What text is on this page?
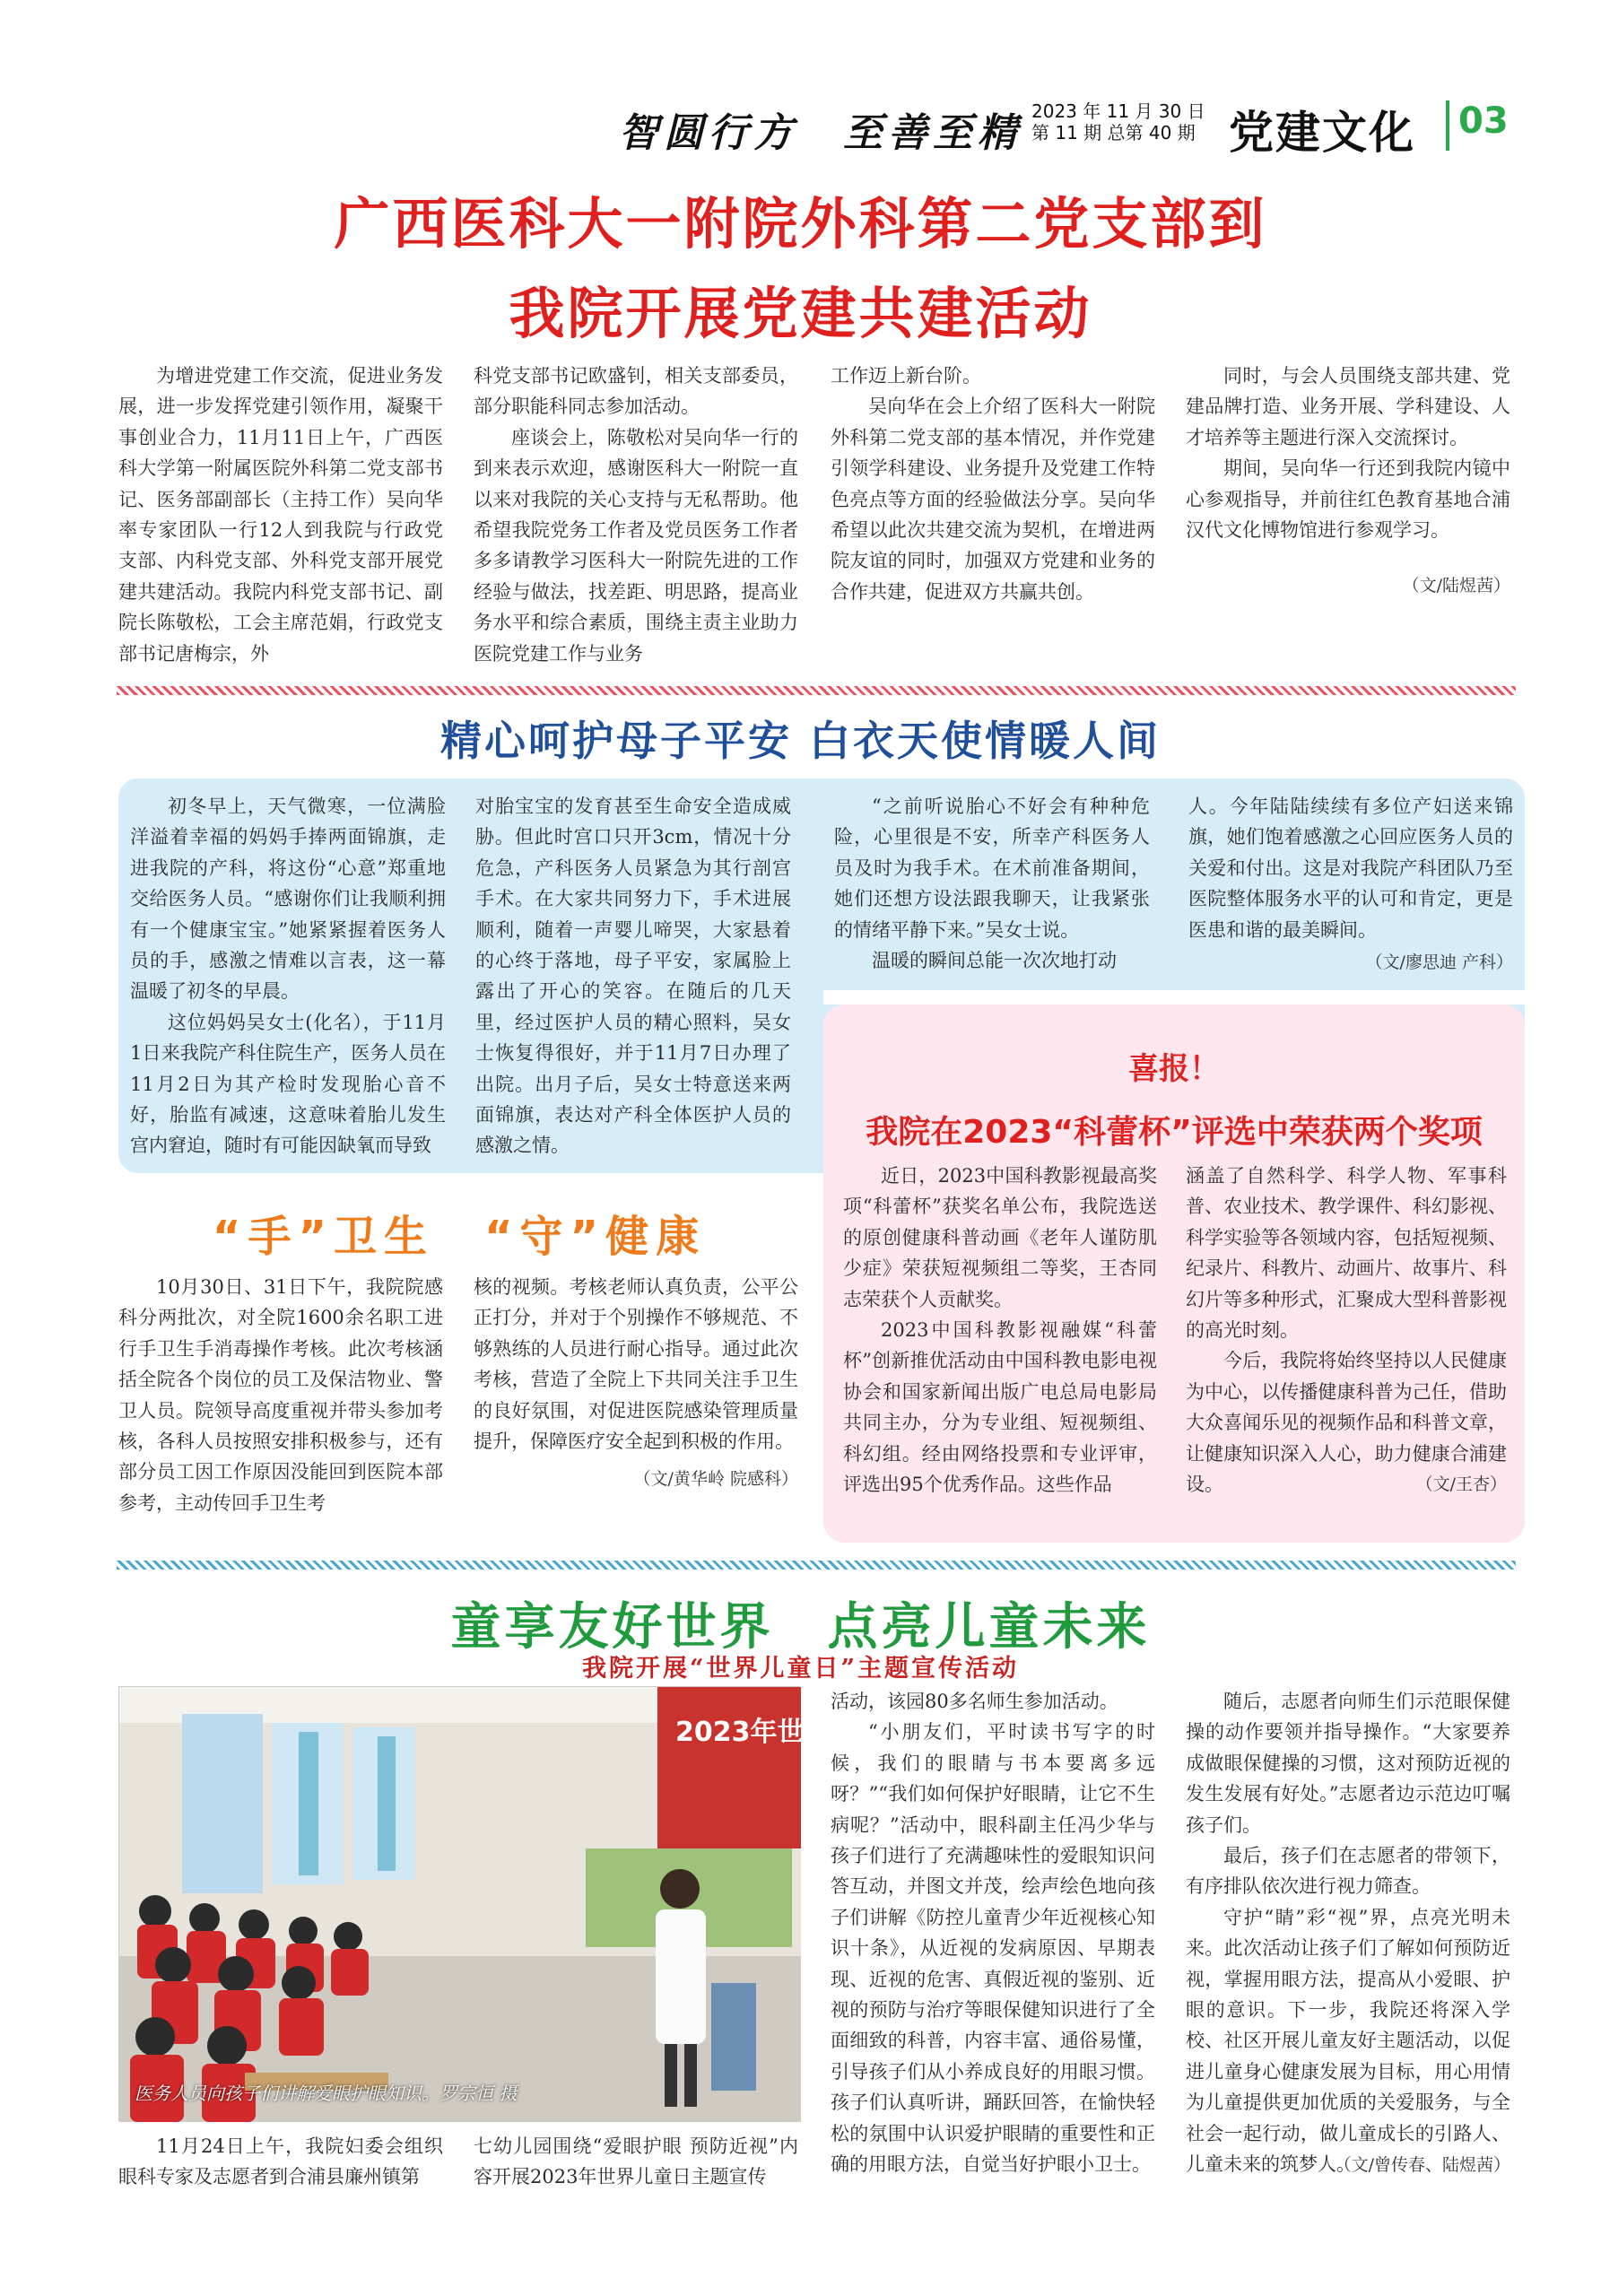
智圆行方　至善至精 2023 年 11 月 30 日
第 11 期 总第 40 期 党建文化 03
广西医科大一附院外科第二党支部到
我院开展党建共建活动

为增进党建工作交流，促进业务发展，进一步发挥党建引领作用，凝聚干事创业合力，11月11日上午，广西医科大学第一附属医院外科第二党支部书记、医务部副部长（主持工作）吴向华率专家团队一行12人到我院与行政党支部、内科党支部、外科党支部开展党建共建活动。我院内科党支部书记、副院长陈敬松，工会主席范娟，行政党支部书记唐梅宗，外

科党支部书记欧盛钊，相关支部委员，部分职能科同志参加活动。

座谈会上，陈敬松对吴向华一行的到来表示欢迎，感谢医科大一附院一直以来对我院的关心支持与无私帮助。他希望我院党务工作者及党员医务工作者多多请教学习医科大一附院先进的工作经验与做法，找差距、明思路，提高业务水平和综合素质，围绕主责主业助力医院党建工作与业务

工作迈上新台阶。

吴向华在会上介绍了医科大一附院外科第二党支部的基本情况，并作党建引领学科建设、业务提升及党建工作特色亮点等方面的经验做法分享。吴向华希望以此次共建交流为契机，在增进两院友谊的同时，加强双方党建和业务的合作共建，促进双方共赢共创。

同时，与会人员围绕支部共建、党建品牌打造、业务开展、学科建设、人才培养等主题进行深入交流探讨。

期间，吴向华一行还到我院内镜中心参观指导，并前往红色教育基地合浦汉代文化博物馆进行参观学习。

（文/陆煜茜）

精心呵护母子平安 白衣天使情暖人间

初冬早上，天气微寒，一位满脸洋溢着幸福的妈妈手捧两面锦旗，走进我院的产科，将这份“心意”郑重地交给医务人员。“感谢你们让我顺利拥有一个健康宝宝。”她紧紧握着医务人员的手，感激之情难以言表，这一幕温暖了初冬的早晨。

这位妈妈吴女士(化名），于11月1日来我院产科住院生产，医务人员在11月2日为其产检时发现胎心音不好，胎监有减速，这意味着胎儿发生宫内窘迫，随时有可能因缺氧而导致

对胎宝宝的发育甚至生命安全造成威胁。但此时宫口只开3cm，情况十分危急，产科医务人员紧急为其行剖宫手术。在大家共同努力下，手术进展顺利，随着一声婴儿啼哭，大家悬着的心终于落地，母子平安，家属脸上露出了开心的笑容。在随后的几天里，经过医护人员的精心照料，吴女士恢复得很好，并于11月7日办理了出院。出月子后，吴女士特意送来两面锦旗，表达对产科全体医护人员的感激之情。

“之前听说胎心不好会有种种危险，心里很是不安，所幸产科医务人员及时为我手术。在术前准备期间，她们还想方设法跟我聊天，让我紧张的情绪平静下来。”吴女士说。

温暖的瞬间总能一次次地打动

人。今年陆陆续续有多位产妇送来锦旗，她们饱着感激之心回应医务人员的关爱和付出。这是对我院产科团队乃至医院整体服务水平的认可和肯定，更是医患和谐的最美瞬间。

（文/廖思迪 产科）

喜报！
我院在2023“科蕾杯”评选中荣获两个奖项

近日，2023中国科教影视最高奖项“科蕾杯”获奖名单公布，我院选送的原创健康科普动画《老年人谨防肌少症》荣获短视频组二等奖，王杏同志荣获个人贡献奖。

2023中国科教影视融媒“科蕾杯”创新推优活动由中国科教电影电视协会和国家新闻出版广电总局电影局共同主办，分为专业组、短视频组、科幻组。经由网络投票和专业评审，评选出95个优秀作品。这些作品

涵盖了自然科学、科学人物、军事科普、农业技术、教学课件、科幻影视、科学实验等各领域内容，包括短视频、纪录片、科教片、动画片、故事片、科幻片等多种形式，汇聚成大型科普影视的高光时刻。

今后，我院将始终坚持以人民健康为中心，以传播健康科普为己任，借助大众喜闻乐见的视频作品和科普文章，让健康知识深入人心，助力健康合浦建设。	（文/王杏）

“手”卫生　“守”健康

10月30日、31日下午，我院院感科分两批次，对全院1600余名职工进行手卫生手消毒操作考核。此次考核涵括全院各个岗位的员工及保洁物业、警卫人员。院领导高度重视并带头参加考核，各科人员按照安排积极参与，还有部分员工因工作原因没能回到医院本部参考，主动传回手卫生考

核的视频。考核老师认真负责，公平公正打分，并对于个别操作不够规范、不够熟练的人员进行耐心指导。通过此次考核，营造了全院上下共同关注手卫生的良好氛围，对促进医院感染管理质量提升，保障医疗安全起到积极的作用。

（文/黄华岭 院感科）

童享友好世界　点亮儿童未来
我院开展“世界儿童日”主题宣传活动
2023年世界
医务人员向孩子们讲解爱眼护眼知识。罗宗恒 摄

11月24日上午，我院妇委会组织眼科专家及志愿者到合浦县廉州镇第

七幼儿园围绕“爱眼护眼 预防近视”内容开展2023年世界儿童日主题宣传

活动，该园80多名师生参加活动。

“小朋友们，平时读书写字的时候，我们的眼睛与书本要离多远呀？”“我们如何保护好眼睛，让它不生病呢？”活动中，眼科副主任冯少华与孩子们进行了充满趣味性的爱眼知识问答互动，并图文并茂，绘声绘色地向孩子们讲解《防控儿童青少年近视核心知识十条》，从近视的发病原因、早期表现、近视的危害、真假近视的鉴别、近视的预防与治疗等眼保健知识进行了全面细致的科普，内容丰富、通俗易懂，引导孩子们从小养成良好的用眼习惯。孩子们认真听讲，踊跃回答，在愉快轻松的氛围中认识爱护眼睛的重要性和正确的用眼方法，自觉当好护眼小卫士。

随后，志愿者向师生们示范眼保健操的动作要领并指导操作。“大家要养成做眼保健操的习惯，这对预防近视的发生发展有好处。”志愿者边示范边叮嘱孩子们。

最后，孩子们在志愿者的带领下，有序排队依次进行视力筛查。

守护“睛”彩“视”界，点亮光明未来。此次活动让孩子们了解如何预防近视，掌握用眼方法，提高从小爱眼、护眼的意识。下一步，我院还将深入学校、社区开展儿童友好主题活动，以促进儿童身心健康发展为目标，用心用情为儿童提供更加优质的关爱服务，与全社会一起行动，做儿童成长的引路人、儿童未来的筑梦人。

（文/曾传春、陆煜茜）
